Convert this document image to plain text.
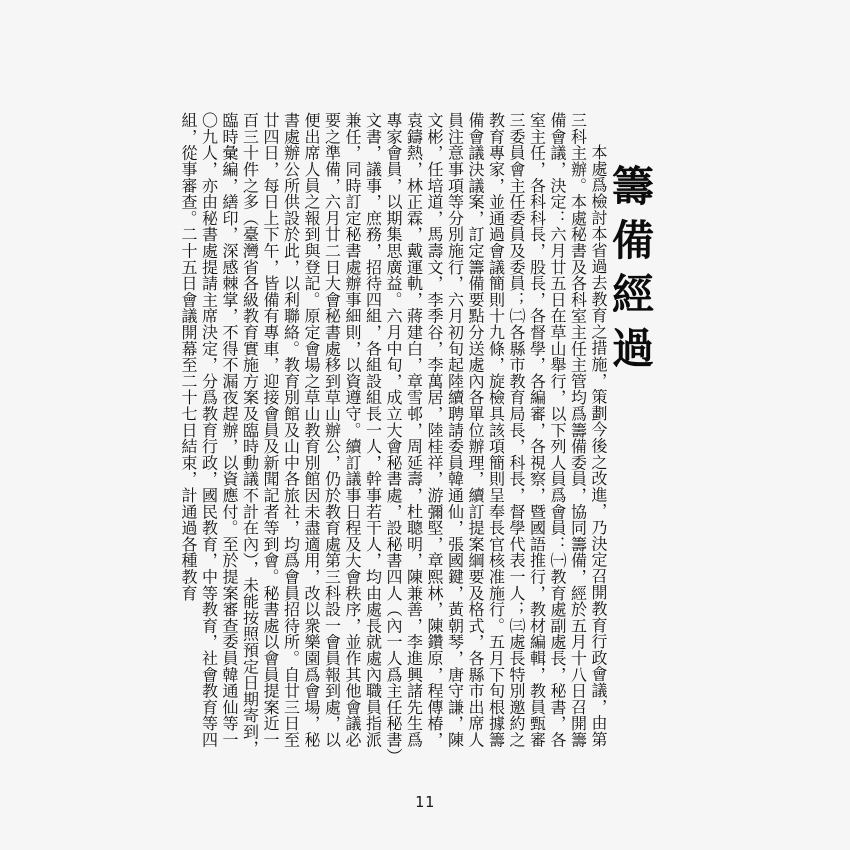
籌備經過

本處爲檢討本省過去教育之措施，策劃今後之改進，乃決定召開教育行政會議，由第三科主辦。本處秘書及各科室主任主管均爲籌備委員，協同籌備，經於五月十八日召開籌備會議，決定：六月廿五日在草山舉行，以下列人員爲會員：㈠教育處副處長，秘書，各室主任，各科科長，股長，各督學，各編審，各視察，暨國語推行，教材編輯，教員甄審三委員會主任委員及委員；㈡各縣市教育局長，科長，督學代表一人；㈢處長特別邀約之教育專家，並通過會議簡則十九條，旋檢具該項簡則呈奉長官核准施行。五月下旬根據籌備會議決議案，訂定籌備要點分送處內各單位辦理，續訂提案綱要及格式，各縣市出席人員注意事項等分別施行，六月初旬起陸續聘請委員韓通仙，張國鍵，黃朝琴，唐守謙，陳文彬，任培道，馬壽文，李季谷，李萬居，陸桂祥，游彌堅，章熙林，陳鑽原，程傳椿，袁鑄熱，林正霖，戴運軌，蔣建白，章雪邨，周延壽，杜聰明，陳兼善，李進興諸先生爲專家會員，以期集思廣益。六月中旬，成立大會秘書處，設秘書四人（內一人爲主任秘書）文書，議事，庶務，招待四組，各組設組長一人，幹事若干人，均由處長就處內職員指派兼任，同時訂定秘書處辦事細則，以資遵守。續訂議事日程及大會秩序，並作其他會議必要之準備，六月廿二日大會秘書處移到草山辦公，仍於教育處第三科設一會員報到處，以便出席人員之報到與登記。原定會場之草山教育別館因未盡適用，改以衆樂園爲會場，秘書處辦公所供設於此，以利聯絡。教育別館及山中各旅社，均爲會員招待所。自廿三日至廿四日，每日上下午，皆備有專車，迎接會員及新聞記者等到會。秘書處以會員提案近一百三十件之多（臺灣省各級教育實施方案及臨時動議不計在內），未能按照預定日期寄到，臨時彙編，繕印，深感棘掌，不得不漏夜趕辦，以資應付。至於提案審查委員韓通仙等一〇九人，亦由秘書處提請主席決定，分爲教育行政，國民教育，中等教育，社會教育等四組，從事審查。二十五日會議開幕至二十七日結束，計通過各種教育

11
